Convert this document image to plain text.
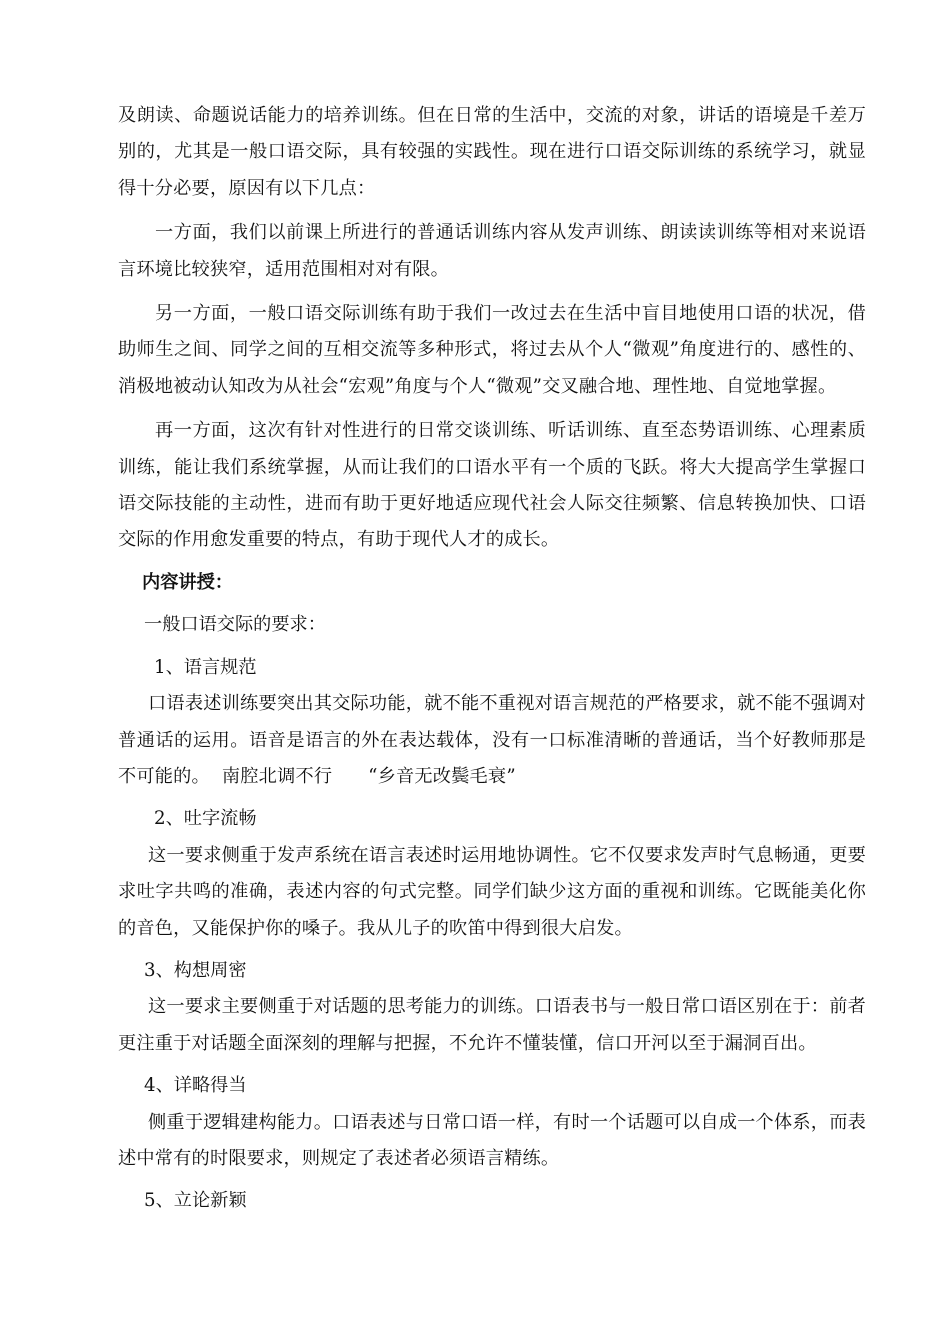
及朗读、命题说话能力的培养训练。但在日常的生活中，交流的对象，讲话的语境是千差万别的，尤其是一般口语交际，具有较强的实践性。现在进行口语交际训练的系统学习，就显得十分必要，原因有以下几点：

一方面，我们以前课上所进行的普通话训练内容从发声训练、朗读读训练等相对来说语言环境比较狭窄，适用范围相对对有限。

另一方面，一般口语交际训练有助于我们一改过去在生活中盲目地使用口语的状况，借助师生之间、同学之间的互相交流等多种形式，将过去从个人“微观”角度进行的、感性的、消极地被动认知改为从社会“宏观”角度与个人“微观”交叉融合地、理性地、自觉地掌握。

再一方面，这次有针对性进行的日常交谈训练、听话训练、直至态势语训练、心理素质训练，能让我们系统掌握，从而让我们的口语水平有一个质的飞跃。将大大提高学生掌握口语交际技能的主动性，进而有助于更好地适应现代社会人际交往频繁、信息转换加快、口语交际的作用愈发重要的特点，有助于现代人才的成长。

内容讲授：

一般口语交际的要求：

1、语言规范

口语表述训练要突出其交际功能，就不能不重视对语言规范的严格要求，就不能不强调对普通话的运用。语音是语言的外在表达载体，没有一口标准清晰的普通话，当个好教师那是不可能的。  南腔北调不行      “乡音无改鬓毛衰”

2、吐字流畅

这一要求侧重于发声系统在语言表述时运用地协调性。它不仅要求发声时气息畅通，更要求吐字共鸣的准确，表述内容的句式完整。同学们缺少这方面的重视和训练。它既能美化你的音色，又能保护你的嗓子。我从儿子的吹笛中得到很大启发。

3、构想周密

这一要求主要侧重于对话题的思考能力的训练。口语表书与一般日常口语区别在于：前者更注重于对话题全面深刻的理解与把握，不允许不懂装懂，信口开河以至于漏洞百出。

4、详略得当

侧重于逻辑建构能力。口语表述与日常口语一样，有时一个话题可以自成一个体系，而表述中常有的时限要求，则规定了表述者必须语言精练。

5、立论新颖
